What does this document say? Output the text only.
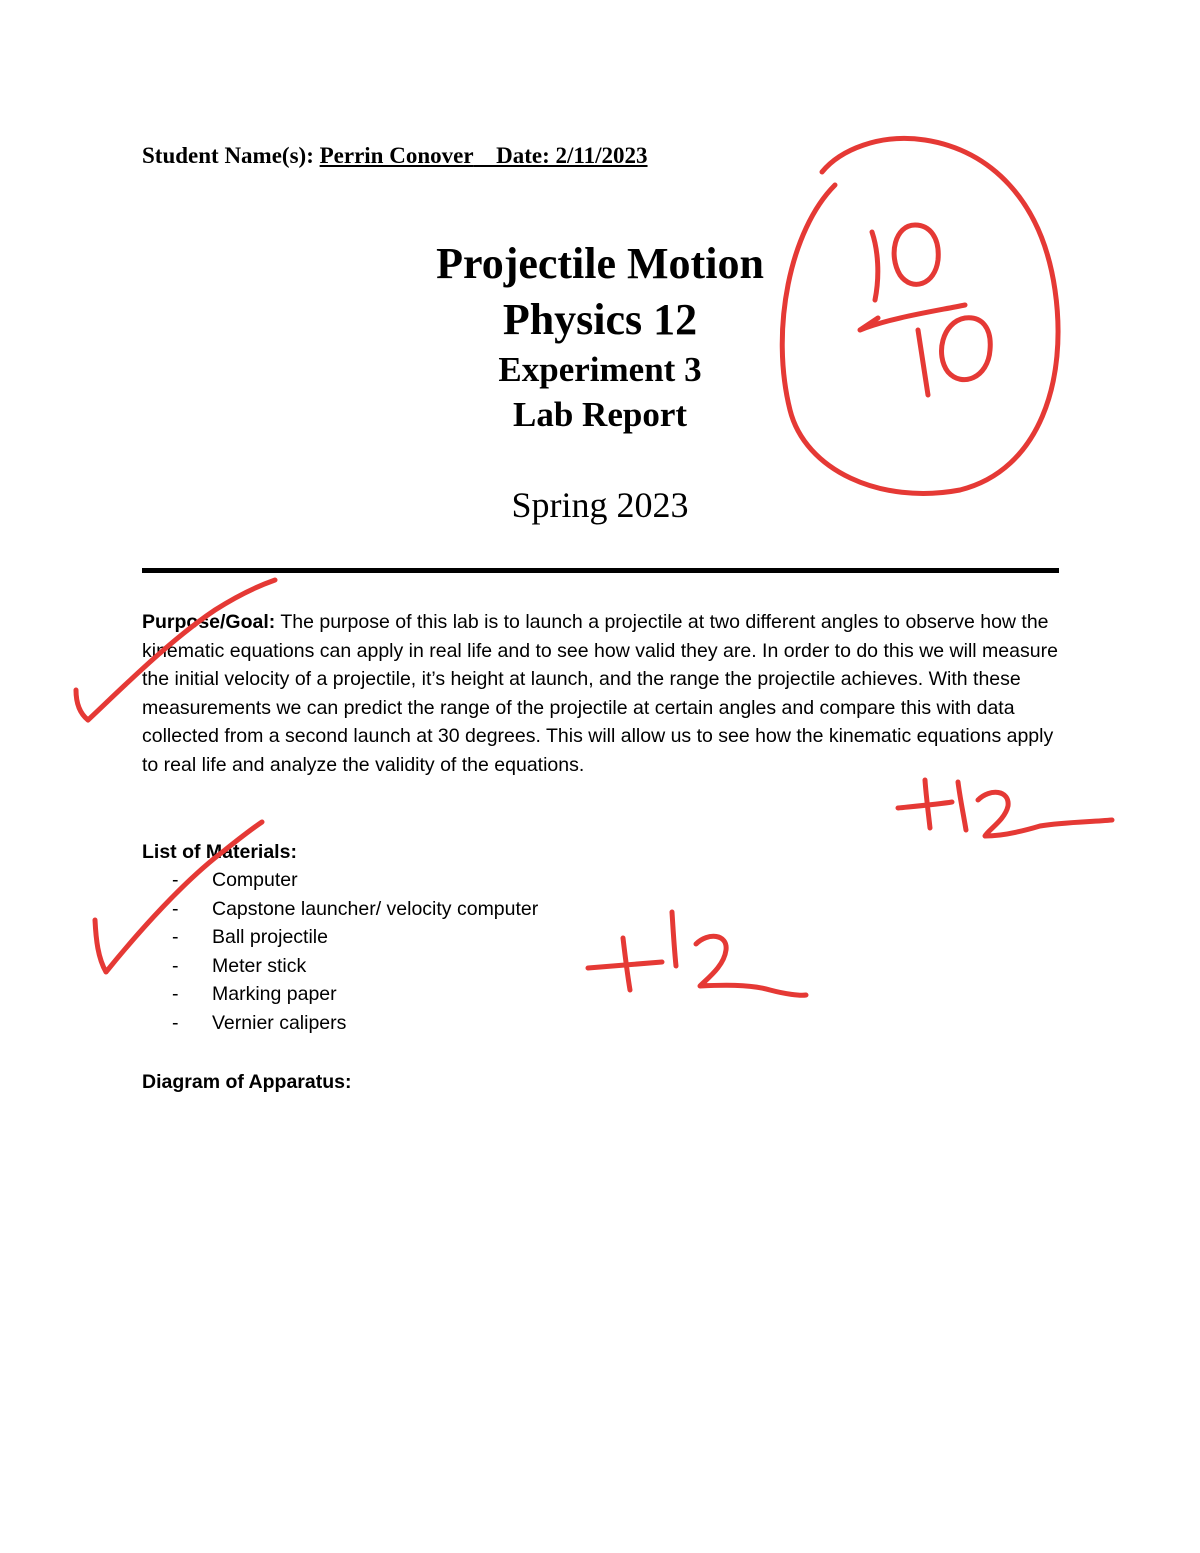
Student Name(s): Perrin Conover    Date: 2/11/2023
Projectile Motion
Physics 12
Experiment 3
Lab Report
Spring 2023
Purpose/Goal: The purpose of this lab is to launch a projectile at two different angles to observe how the kinematic equations can apply in real life and to see how valid they are. In order to do this we will measure the initial velocity of a projectile, it’s height at launch, and the range the projectile achieves. With these measurements we can predict the range of the projectile at certain angles and compare this with data collected from a second launch at 30 degrees. This will allow us to see how the kinematic equations apply to real life and analyze the validity of the equations.
List of Materials:
- Computer
- Capstone launcher/ velocity computer
- Ball projectile
- Meter stick
- Marking paper
- Vernier calipers
Diagram of Apparatus:
